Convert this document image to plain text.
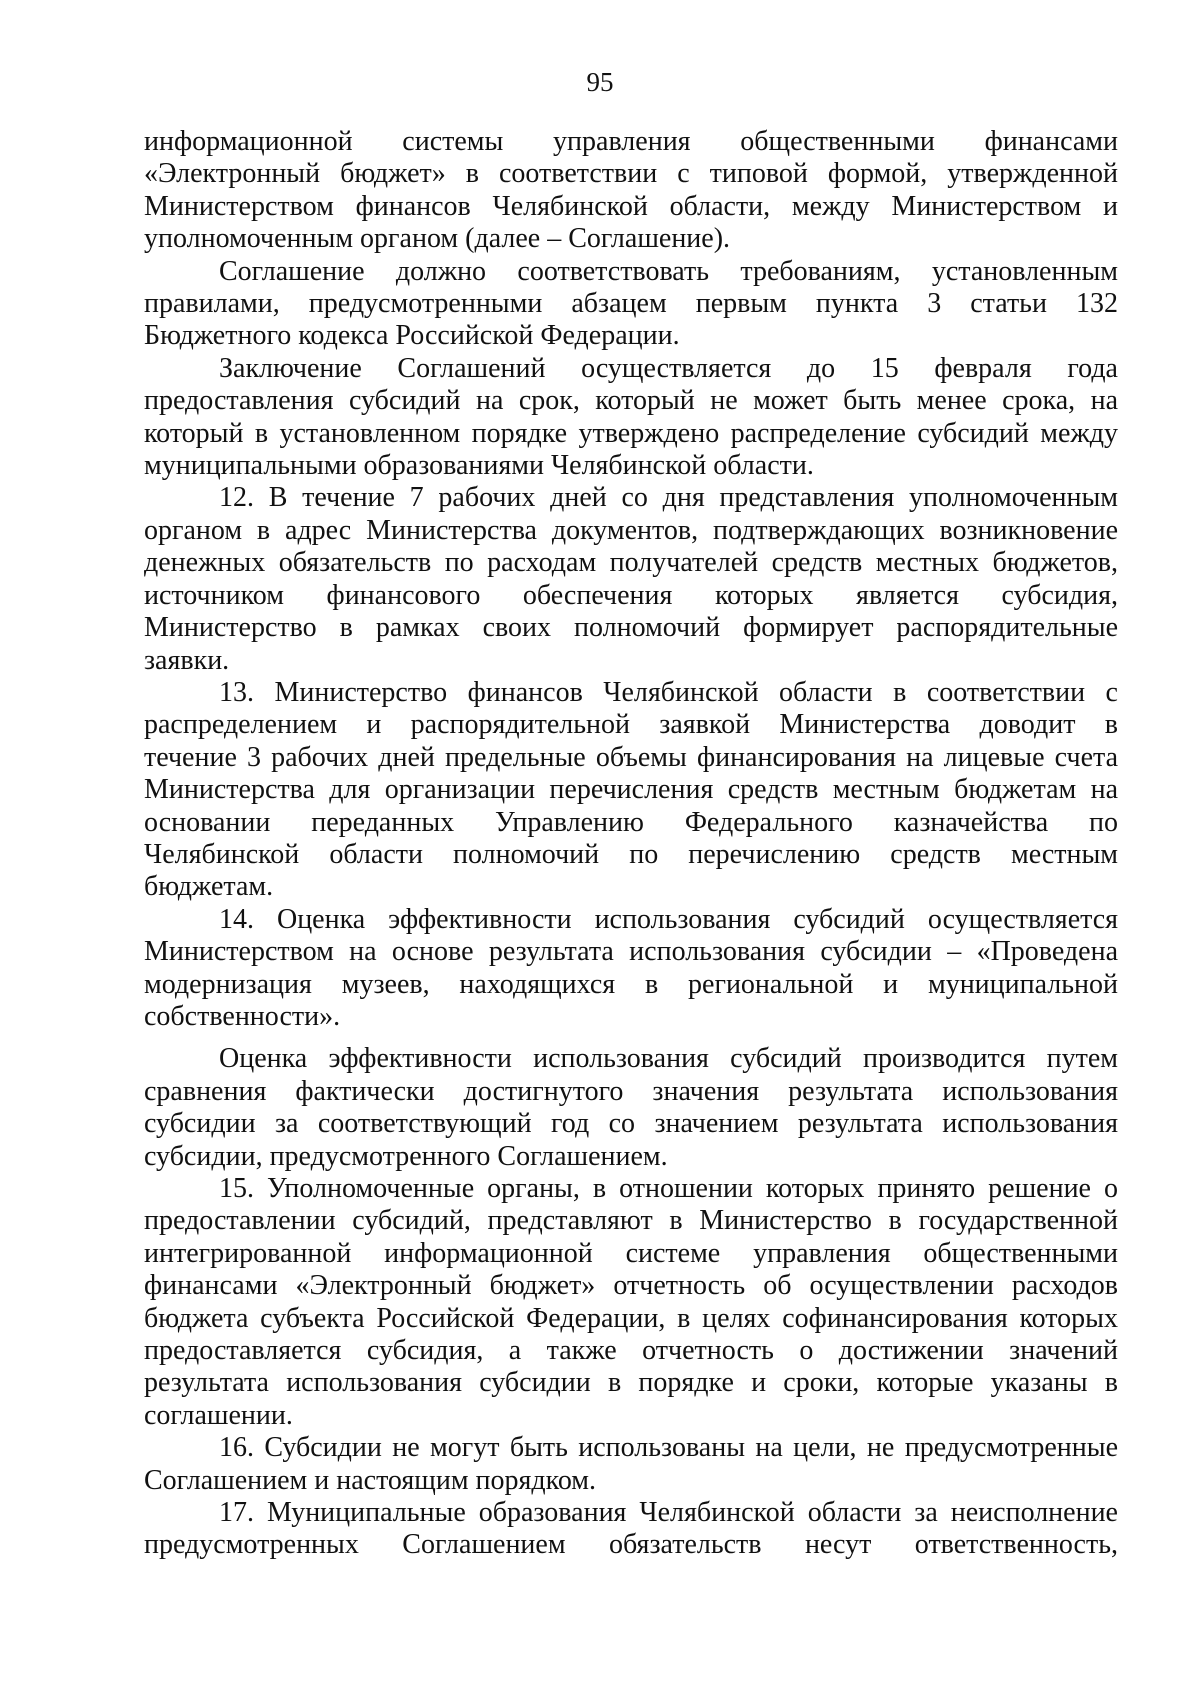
95
информационной системы управления общественными финансами
«Электронный бюджет» в соответствии с типовой формой, утвержденной
Министерством финансов Челябинской области, между Министерством и
уполномоченным органом (далее – Соглашение).
Соглашение должно соответствовать требованиям, установленным
правилами, предусмотренными абзацем первым пункта 3 статьи 132
Бюджетного кодекса Российской Федерации.
Заключение Соглашений осуществляется до 15 февраля года
предоставления субсидий на срок, который не может быть менее срока, на
который в установленном порядке утверждено распределение субсидий между
муниципальными образованиями Челябинской области.
12. В течение 7 рабочих дней со дня представления уполномоченным
органом в адрес Министерства документов, подтверждающих возникновение
денежных обязательств по расходам получателей средств местных бюджетов,
источником финансового обеспечения которых является субсидия,
Министерство в рамках своих полномочий формирует распорядительные
заявки.
13. Министерство финансов Челябинской области в соответствии с
распределением и распорядительной заявкой Министерства доводит в
течение 3 рабочих дней предельные объемы финансирования на лицевые счета
Министерства для организации перечисления средств местным бюджетам на
основании переданных Управлению Федерального казначейства по
Челябинской области полномочий по перечислению средств местным
бюджетам.
14. Оценка эффективности использования субсидий осуществляется
Министерством на основе результата использования субсидии – «Проведена
модернизация музеев, находящихся в региональной и муниципальной
собственности».
Оценка эффективности использования субсидий производится путем
сравнения фактически достигнутого значения результата использования
субсидии за соответствующий год со значением результата использования
субсидии, предусмотренного Соглашением.
15. Уполномоченные органы, в отношении которых принято решение о
предоставлении субсидий, представляют в Министерство в государственной
интегрированной информационной системе управления общественными
финансами «Электронный бюджет» отчетность об осуществлении расходов
бюджета субъекта Российской Федерации, в целях софинансирования которых
предоставляется субсидия, а также отчетность о достижении значений
результата использования субсидии в порядке и сроки, которые указаны в
соглашении.
16. Субсидии не могут быть использованы на цели, не предусмотренные
Соглашением и настоящим порядком.
17. Муниципальные образования Челябинской области за неисполнение
предусмотренных Соглашением обязательств несут ответственность,
